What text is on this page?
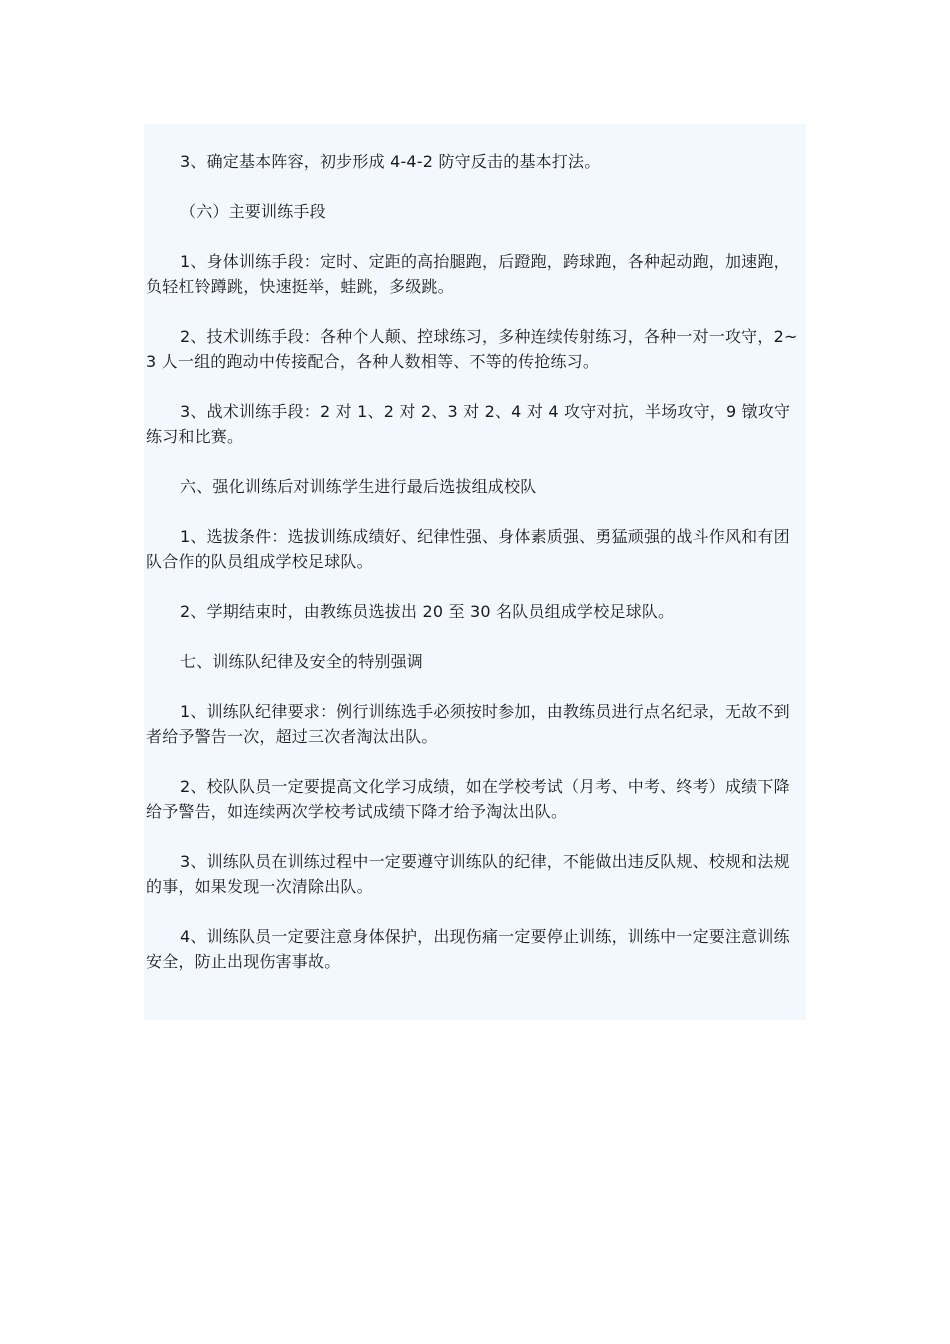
3、确定基本阵容，初步形成 4-4-2 防守反击的基本打法。

（六）主要训练手段

1、身体训练手段：定时、定距的高抬腿跑，后蹬跑，跨球跑，各种起动跑，加速跑，负轻杠铃蹲跳，快速挺举，蛙跳，多级跳。

2、技术训练手段：各种个人颠、控球练习，多种连续传射练习，各种一对一攻守，2~3 人一组的跑动中传接配合，各种人数相等、不等的传抢练习。

3、战术训练手段：2 对 1、2 对 2、3 对 2、4 对 4 攻守对抗，半场攻守，9 镦攻守练习和比赛。

六、强化训练后对训练学生进行最后选拔组成校队

1、选拔条件：选拔训练成绩好、纪律性强、身体素质强、勇猛顽强的战斗作风和有团队合作的队员组成学校足球队。

2、学期结束时，由教练员选拔出 20 至 30 名队员组成学校足球队。

七、训练队纪律及安全的特别强调

1、训练队纪律要求：例行训练选手必须按时参加，由教练员进行点名纪录，无故不到者给予警告一次，超过三次者淘汰出队。

2、校队队员一定要提高文化学习成绩，如在学校考试（月考、中考、终考）成绩下降给予警告，如连续两次学校考试成绩下降才给予淘汰出队。

3、训练队员在训练过程中一定要遵守训练队的纪律，不能做出违反队规、校规和法规的事，如果发现一次清除出队。

4、训练队员一定要注意身体保护，出现伤痛一定要停止训练，训练中一定要注意训练安全，防止出现伤害事故。
